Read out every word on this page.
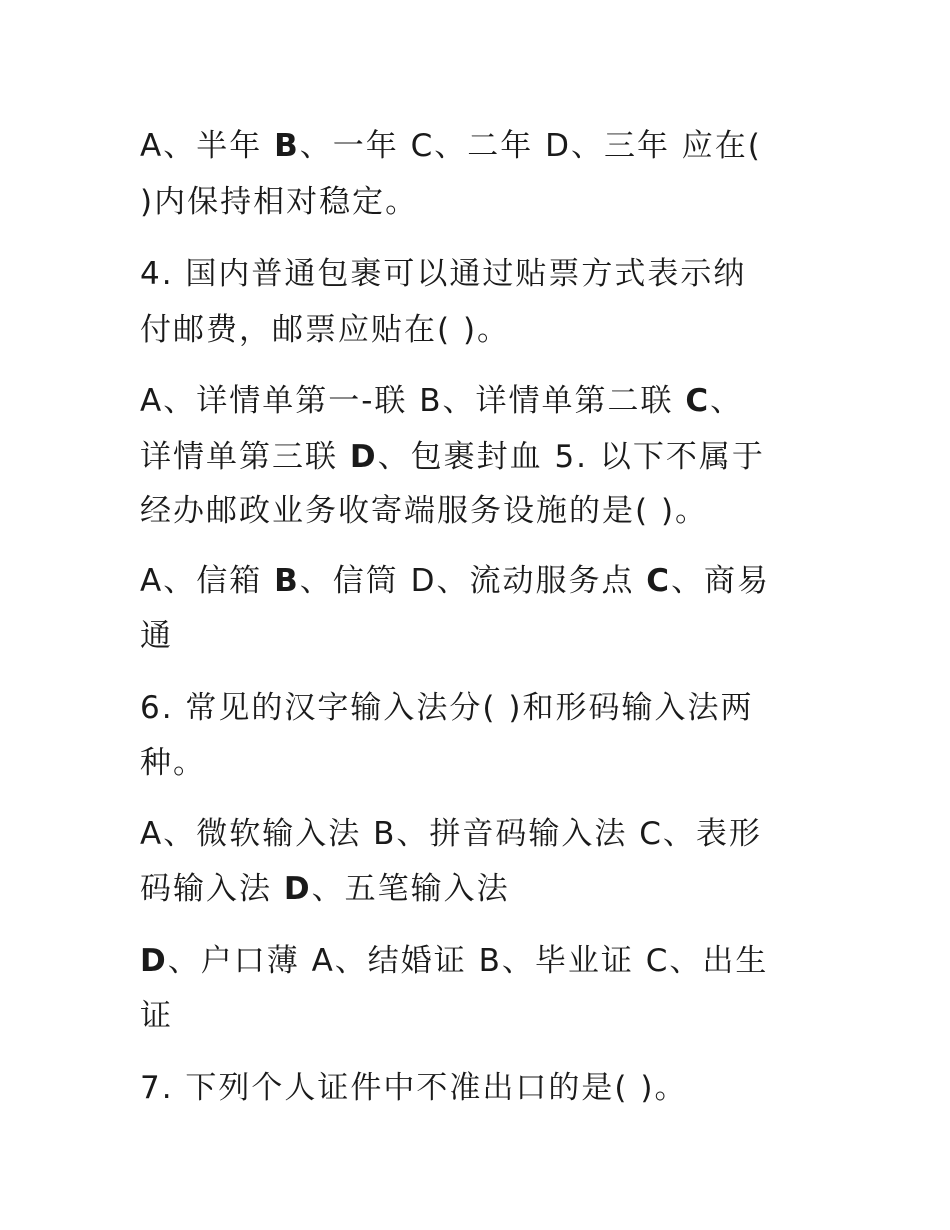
A、半年 B、一年 C、二年 D、三年 应在(
)内保持相对稳定。
4. 国内普通包裹可以通过贴票方式表示纳
付邮费，邮票应贴在( )。
A、详情单第一-联 B、详情单第二联 C、
详情单第三联 D、包裹封血 5. 以下不属于
经办邮政业务收寄端服务设施的是( )。
A、信箱 B、信筒 D、流动服务点 C、商易
通
6. 常见的汉字输入法分( )和形码输入法两
种。
A、微软输入法 B、拼音码输入法 C、表形
码输入法 D、五笔输入法
D、户口薄 A、结婚证 B、毕业证 C、出生
证
7. 下列个人证件中不准出口的是( )。
